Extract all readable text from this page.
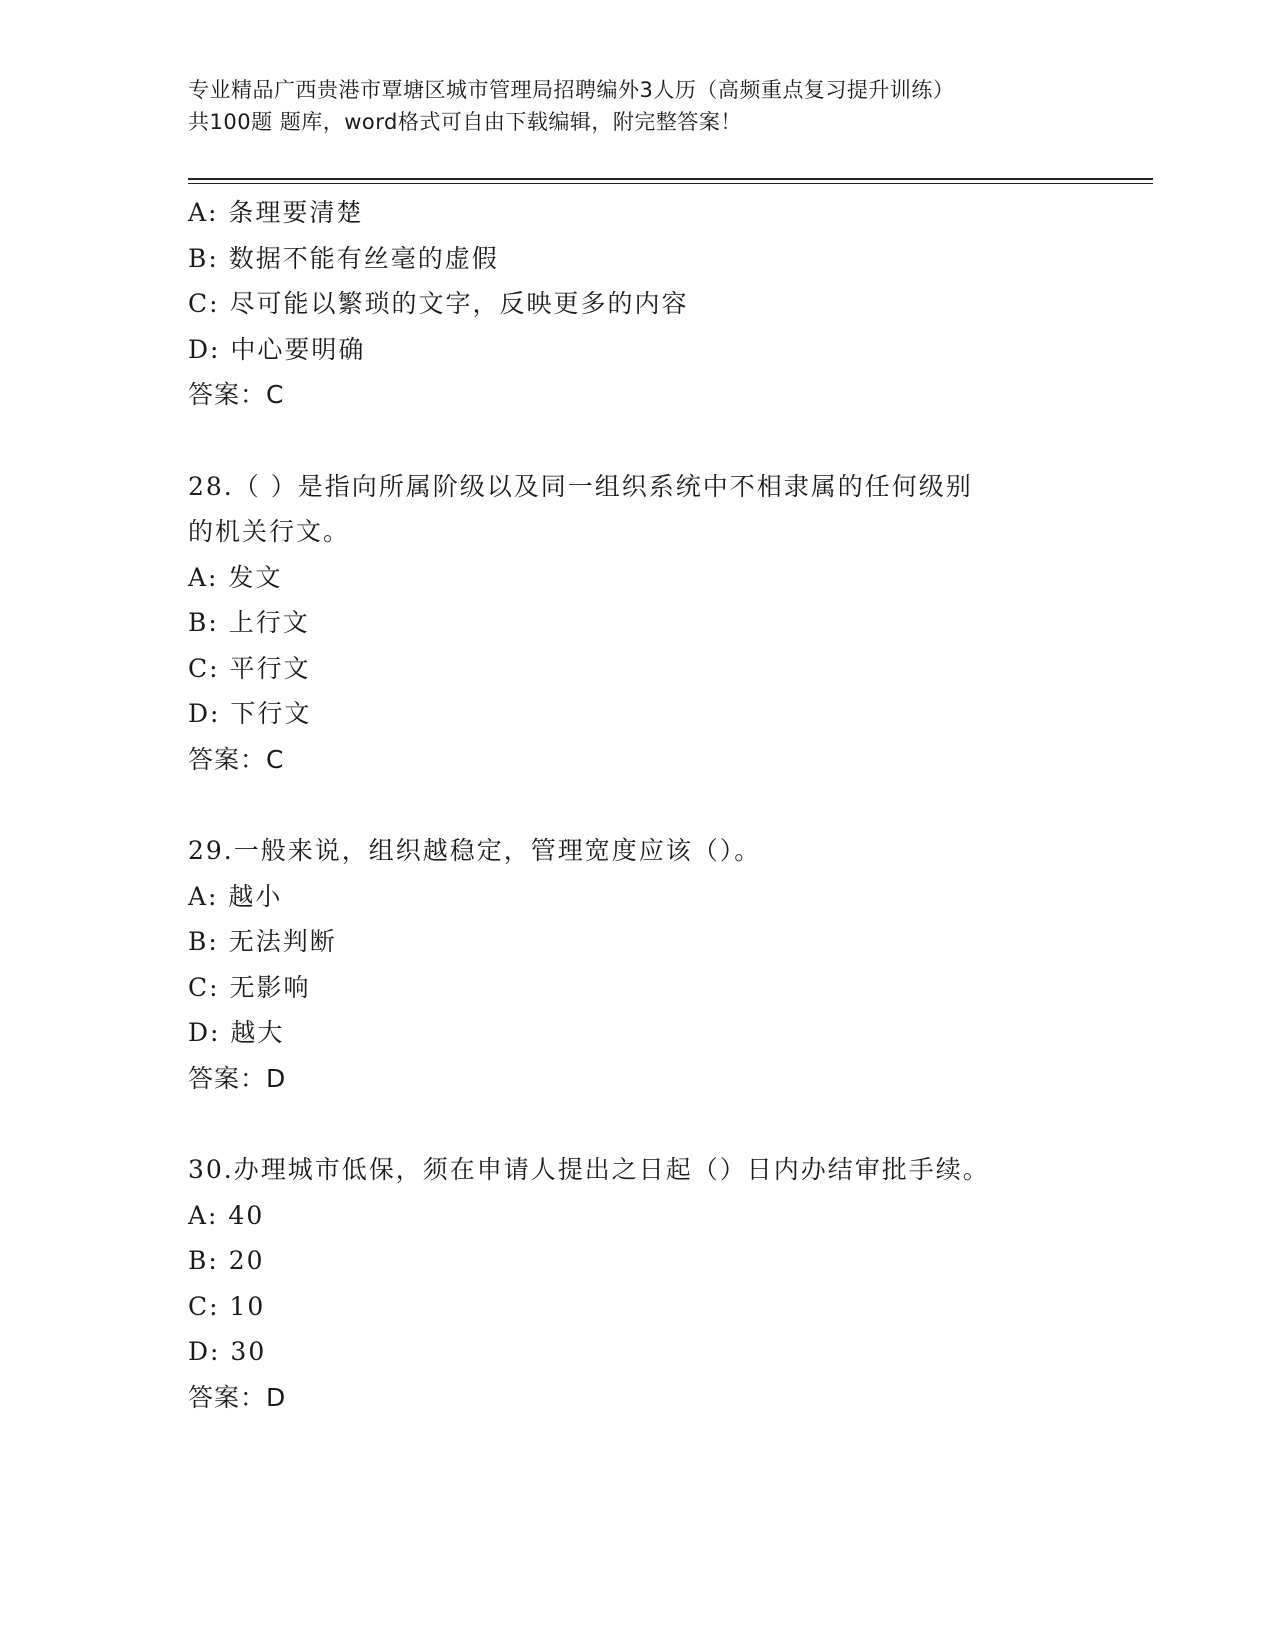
专业精品广西贵港市覃塘区城市管理局招聘编外3人历（高频重点复习提升训练）
共100题 题库，word格式可自由下载编辑，附完整答案！
A: 条理要清楚
B: 数据不能有丝毫的虚假
C: 尽可能以繁琐的文字，反映更多的内容
D: 中心要明确
答案：C
28.（ ）是指向所属阶级以及同一组织系统中不相隶属的任何级别
的机关行文。
A: 发文
B: 上行文
C: 平行文
D: 下行文
答案：C
29.一般来说，组织越稳定，管理宽度应该（）。
A: 越小
B: 无法判断
C: 无影响
D: 越大
答案：D
30.办理城市低保，须在申请人提出之日起（）日内办结审批手续。
A: 40
B: 20
C: 10
D: 30
答案：D
